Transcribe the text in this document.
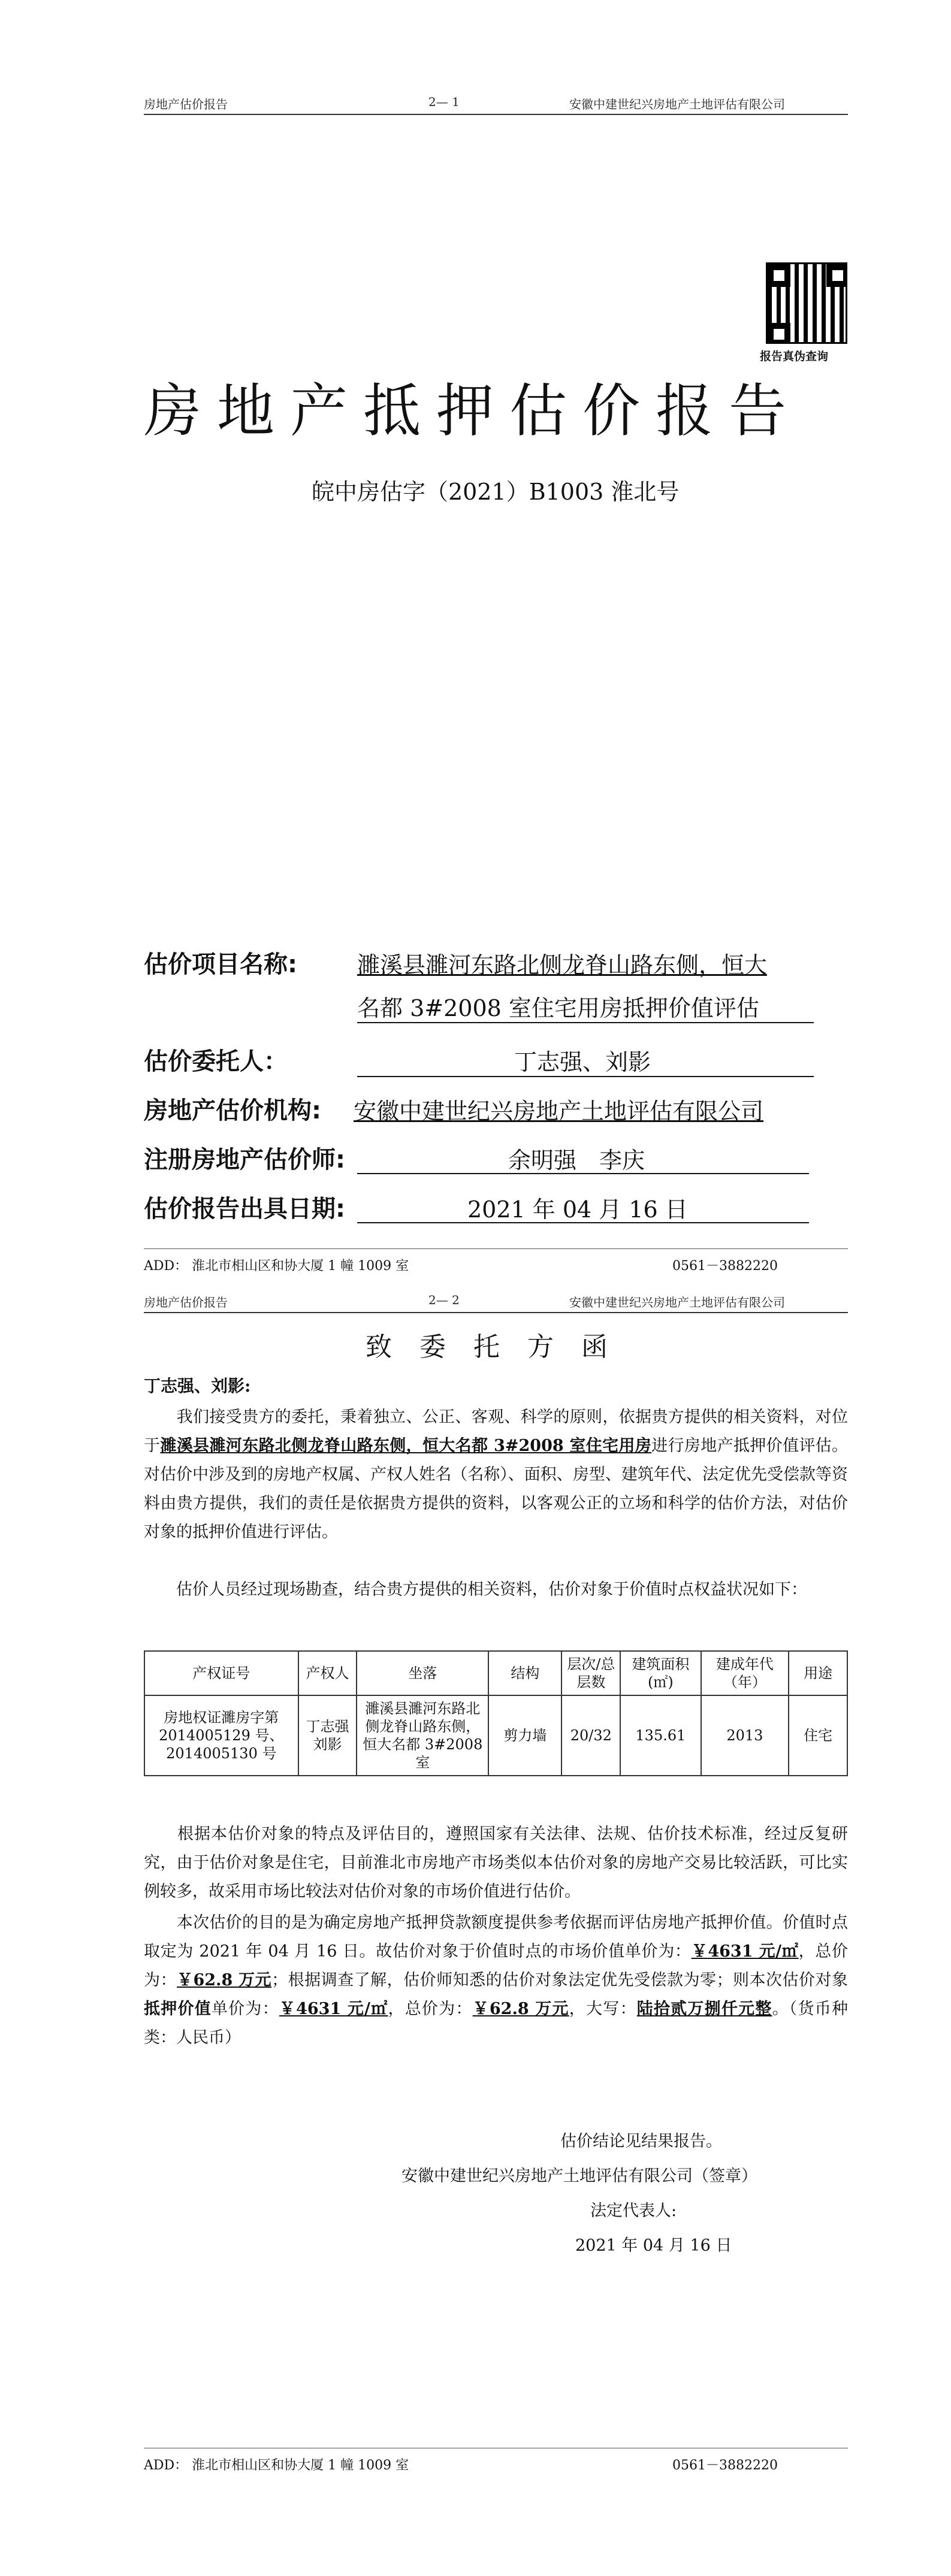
房地产估价报告	2— 1	安徽中建世纪兴房地产土地评估有限公司
报告真伪查询
房地产抵押估价报告
皖中房估字（2021）B1003 淮北号
估价项目名称:	濉溪县濉河东路北侧龙脊山路东侧，恒大
名都 3#2008 室住宅用房抵押价值评估
估价委托人：	丁志强、刘影
房地产估价机构: 安徽中建世纪兴房地产土地评估有限公司
注册房地产估价师:	余明强　李庆
估价报告出具日期:	2021 年 04 月 16 日
ADD： 淮北市相山区和协大厦 1 幢 1009 室	0561－3882220
房地产估价报告	2— 2	安徽中建世纪兴房地产土地评估有限公司
致 委 托 方 函
丁志强、刘影:
　　我们接受贵方的委托，秉着独立、公正、客观、科学的原则，依据贵方提供的相关资料，对位于濉溪县濉河东路北侧龙脊山路东侧，恒大名都 3#2008 室住宅用房进行房地产抵押价值评估。对估价中涉及到的房地产权属、产权人姓名（名称）、面积、房型、建筑年代、法定优先受偿款等资料由贵方提供，我们的责任是依据贵方提供的资料，以客观公正的立场和科学的估价方法，对估价对象的抵押价值进行评估。
　　估价人员经过现场勘查，结合贵方提供的相关资料，估价对象于价值时点权益状况如下：
产权证号	产权人	坐落	结构	层次/总层数	建筑面积(㎡)	建成年代（年）	用途
房地权证濉房字第 2014005129 号、2014005130 号	丁志强 刘影	濉溪县濉河东路北侧龙脊山路东侧，恒大名都 3#2008 室	剪力墙	20/32	135.61	2013	住宅
　　根据本估价对象的特点及评估目的，遵照国家有关法律、法规、估价技术标准，经过反复研究，由于估价对象是住宅，目前淮北市房地产市场类似本估价对象的房地产交易比较活跃，可比实例较多，故采用市场比较法对估价对象的市场价值进行估价。
　　本次估价的目的是为确定房地产抵押贷款额度提供参考依据而评估房地产抵押价值。价值时点取定为 2021 年 04 月 16 日。故估价对象于价值时点的市场价值单价为：￥4631 元/㎡，总价为：￥62.8 万元；根据调查了解，估价师知悉的估价对象法定优先受偿款为零；则本次估价对象抵押价值单价为：￥4631 元/㎡，总价为：￥62.8 万元，大写：陆拾贰万捌仟元整。（货币种类：人民币）
估价结论见结果报告。
安徽中建世纪兴房地产土地评估有限公司（签章）
法定代表人:
2021 年 04 月 16 日
ADD： 淮北市相山区和协大厦 1 幢 1009 室	0561－3882220
